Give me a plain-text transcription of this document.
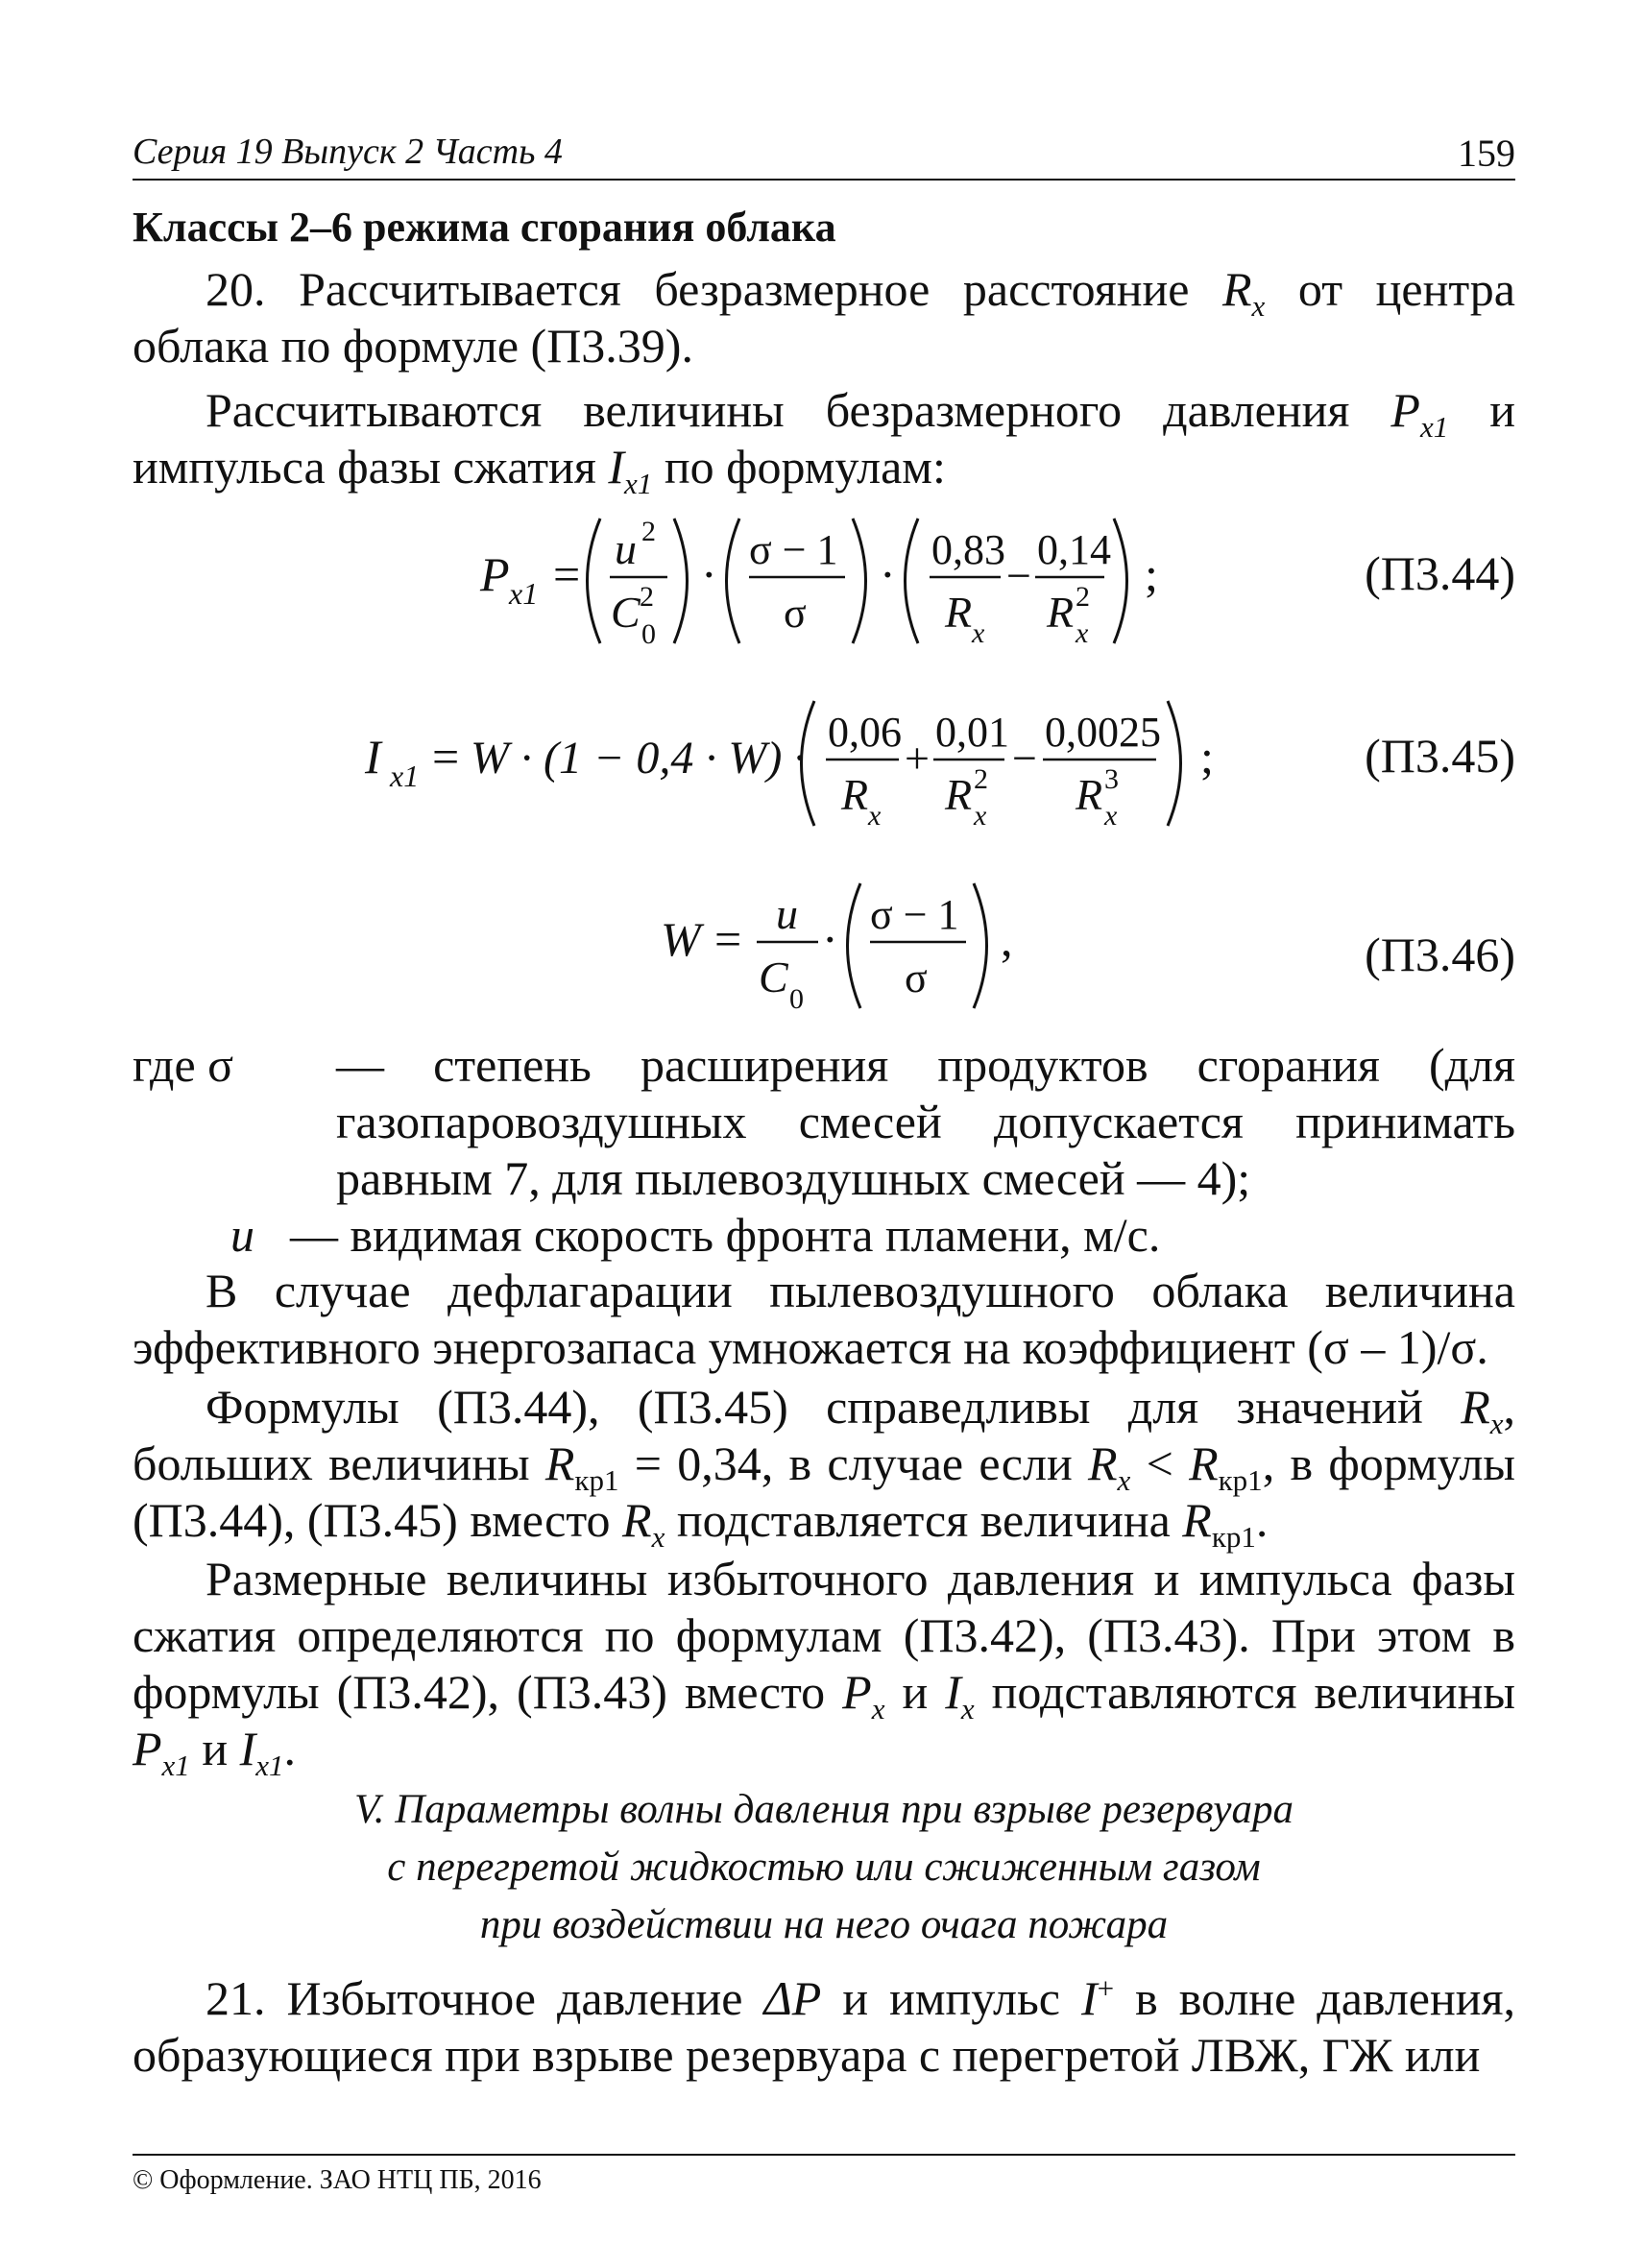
Серия 19 Выпуск 2 Часть 4	159
Классы 2–6 режима сгорания облака
20. Рассчитывается безразмерное расстояние $R_x$ от центра облака по формуле (П3.39).
Рассчитываются величины безразмерного давления $P_{x1}$ и импульса фазы сжатия $I_{x1}$ по формулам:
P x1 = u 2
C 2
0
· σ − 1
σ
· 0,83
R x
−
0,14
R 2
x
;	(П3.44)
I x1 = W · (1 − 0,4 · W) ·
0,06
R x
+
0,01
R 2
x
−
0,0025
R 3
x
;	(П3.45)
W = u
C 0
· σ − 1
σ
,	(П3.46)
где σ — степень расширения продуктов сгорания (для газопаровоздушных смесей допускается принимать равным 7, для пылевоздушных смесей — 4);
u — видимая скорость фронта пламени, м/с.
В случае дефлагарации пылевоздушного облака величина эффективного энергозапаса умножается на коэффициент (σ – 1)/σ.
Формулы (П3.44), (П3.45) справедливы для значений $R_x$, больших величины $R_{кр1} = 0,34$, в случае если $R_x < R_{кр1}$, в формулы (П3.44), (П3.45) вместо $R_x$ подставляется величина $R_{кр1}$.
Размерные величины избыточного давления и импульса фазы сжатия определяются по формулам (П3.42), (П3.43). При этом в формулы (П3.42), (П3.43) вместо $P_x$ и $I_x$ подставляются величины $P_{x1}$ и $I_{x1}$.
V. Параметры волны давления при взрыве резервуара
с перегретой жидкостью или сжиженным газом
при воздействии на него очага пожара
21. Избыточное давление ΔP и импульс I+ в волне давления, образующиеся при взрыве резервуара с перегретой ЛВЖ, ГЖ или
© Оформление. ЗАО НТЦ ПБ, 2016
